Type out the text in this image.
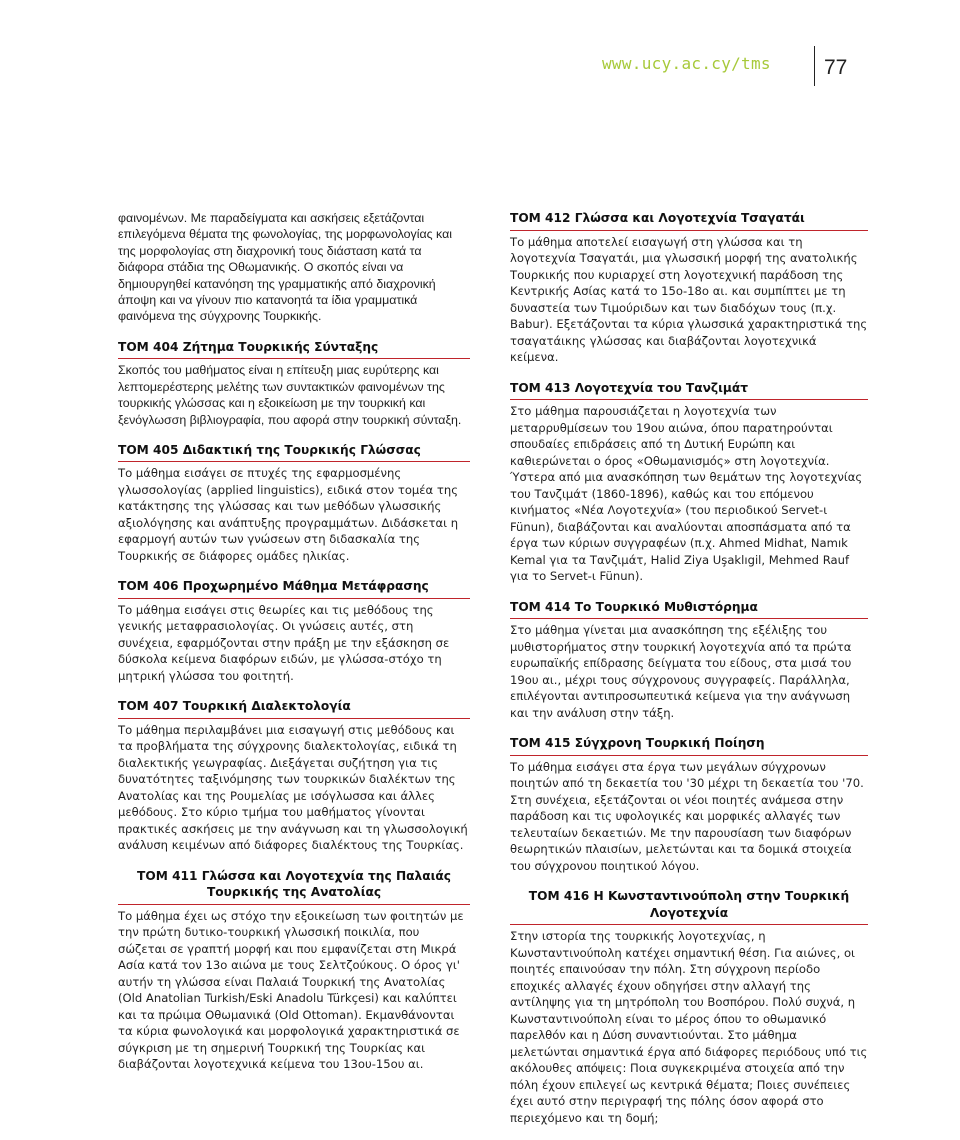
www.ucy.ac.cy/tms	77

φαινομένων. Με παραδείγματα και ασκήσεις εξετάζονται επιλεγόμενα θέματα της φωνολογίας, της μορφωνολογίας και της μορφολογίας στη διαχρονική τους διάσταση κατά τα διάφορα στάδια της Οθωμανικής. Ο σκοπός είναι να δημιουργηθεί κατανόηση της γραμματικής από διαχρονική άποψη και να γίνουν πιο κατανοητά τα ίδια γραμματικά φαινόμενα της σύγχρονης Τουρκικής.

ΤΟΜ 404 Ζήτημα Τουρκικής Σύνταξης

Σκοπός του μαθήματος είναι η επίτευξη μιας ευρύτερης και λεπτομερέστερης μελέτης των συντακτικών φαινομένων της τουρκικής γλώσσας και η εξοικείωση με την τουρκική και ξενόγλωσση βιβλιογραφία, που αφορά στην τουρκική σύνταξη.

ΤΟΜ 405 Διδακτική της Τουρκικής Γλώσσας

Το μάθημα εισάγει σε πτυχές της εφαρμοσμένης γλωσσολογίας (applied linguistics), ειδικά στον τομέα της κατάκτησης της γλώσσας και των μεθόδων γλωσσικής αξιολόγησης και ανάπτυξης προγραμμάτων. Διδάσκεται η εφαρμογή αυτών των γνώσεων στη διδασκαλία της Τουρκικής σε διάφορες ομάδες ηλικίας.

ΤΟΜ 406 Προχωρημένο Μάθημα Μετάφρασης

Το μάθημα εισάγει στις θεωρίες και τις μεθόδους της γενικής μεταφρασιολογίας. Οι γνώσεις αυτές, στη συνέχεια, εφαρμόζονται στην πράξη με την εξάσκηση σε δύσκολα κείμενα διαφόρων ειδών, με γλώσσα-στόχο τη μητρική γλώσσα του φοιτητή.

ΤΟΜ 407 Τουρκική Διαλεκτολογία

Το μάθημα περιλαμβάνει μια εισαγωγή στις μεθόδους και τα προβλήματα της σύγχρονης διαλεκτολογίας, ειδικά τη διαλεκτικής γεωγραφίας. Διεξάγεται συζήτηση για τις δυνατότητες ταξινόμησης των τουρκικών διαλέκτων της Ανατολίας και της Ρουμελίας με ισόγλωσσα και άλλες μεθόδους. Στο κύριο τμήμα του μαθήματος γίνονται πρακτικές ασκήσεις με την ανάγνωση και τη γλωσσολογική ανάλυση κειμένων από διάφορες διαλέκτους της Τουρκίας.

ΤΟΜ 411 Γλώσσα και Λογοτεχνία της Παλαιάς Τουρκικής της Ανατολίας

Το μάθημα έχει ως στόχο την εξοικείωση των φοιτητών με την πρώτη δυτικο-τουρκική γλωσσική ποικιλία, που σώζεται σε γραπτή μορφή και που εμφανίζεται στη Μικρά Ασία κατά τον 13ο αιώνα με τους Σελτζούκους. Ο όρος γι' αυτήν τη γλώσσα είναι Παλαιά Τουρκική της Ανατολίας (Old Anatolian Turkish/Eski Anadolu Türkçesi) και καλύπτει και τα πρώιμα Οθωμανικά (Old Ottoman). Εκμανθάνονται τα κύρια φωνολογικά και μορφολογικά χαρακτηριστικά σε σύγκριση με τη σημερινή Τουρκική της Τουρκίας και διαβάζονται λογοτεχνικά κείμενα του 13ου-15ου αι.

ΤΟΜ 412 Γλώσσα και Λογοτεχνία Τσαγατάι

Το μάθημα αποτελεί εισαγωγή στη γλώσσα και τη λογοτεχνία Τσαγατάι, μια γλωσσική μορφή της ανατολικής Τουρκικής που κυριαρχεί στη λογοτεχνική παράδοση της Κεντρικής Ασίας κατά το 15ο-18ο αι. και συμπίπτει με τη δυναστεία των Τιμούριδων και των διαδόχων τους (π.χ. Babur). Εξετάζονται τα κύρια γλωσσικά χαρακτηριστικά της τσαγατάικης γλώσσας και διαβάζονται λογοτεχνικά κείμενα.

ΤΟΜ 413 Λογοτεχνία του Τανζιμάτ

Στο μάθημα παρουσιάζεται η λογοτεχνία των μεταρρυθμίσεων του 19ου αιώνα, όπου παρατηρούνται σπουδαίες επιδράσεις από τη Δυτική Ευρώπη και καθιερώνεται ο όρος «Οθωμανισμός» στη λογοτεχνία. Ύστερα από μια ανασκόπηση των θεμάτων της λογοτεχνίας του Τανζιμάτ (1860-1896), καθώς και του επόμενου κινήματος «Νέα Λογοτεχνία» (του περιοδικού Servet-ι Fünun), διαβάζονται και αναλύονται αποσπάσματα από τα έργα των κύριων συγγραφέων (π.χ. Ahmed Midhat, Namık Kemal για τα Τανζιμάτ, Halid Ziya Uşaklıgil, Mehmed Rauf για το Servet-ι Fünun).

ΤΟΜ 414 Το Τουρκικό Μυθιστόρημα

Στο μάθημα γίνεται μια ανασκόπηση της εξέλιξης του μυθιστορήματος στην τουρκική λογοτεχνία από τα πρώτα ευρωπαϊκής επίδρασης δείγματα του είδους, στα μισά του 19ου αι., μέχρι τους σύγχρονους συγγραφείς. Παράλληλα, επιλέγονται αντιπροσωπευτικά κείμενα για την ανάγνωση και την ανάλυση στην τάξη.

ΤΟΜ 415 Σύγχρονη Τουρκική Ποίηση

Το μάθημα εισάγει στα έργα των μεγάλων σύγχρονων ποιητών από τη δεκαετία του '30 μέχρι τη δεκαετία του '70. Στη συνέχεια, εξετάζονται οι νέοι ποιητές ανάμεσα στην παράδοση και τις υφολογικές και μορφικές αλλαγές των τελευταίων δεκαετιών. Με την παρουσίαση των διαφόρων θεωρητικών πλαισίων, μελετώνται και τα δομικά στοιχεία του σύγχρονου ποιητικού λόγου.

ΤΟΜ 416 Η Κωνσταντινούπολη στην Τουρκική Λογοτεχνία

Στην ιστορία της τουρκικής λογοτεχνίας, η Κωνσταντινούπολη κατέχει σημαντική θέση. Για αιώνες, οι ποιητές επαινούσαν την πόλη. Στη σύγχρονη περίοδο εποχικές αλλαγές έχουν οδηγήσει στην αλλαγή της αντίληψης για τη μητρόπολη του Βοσπόρου. Πολύ συχνά, η Κωνσταντινούπολη είναι το μέρος όπου το οθωμανικό παρελθόν και η Δύση συναντιούνται. Στο μάθημα μελετώνται σημαντικά έργα από διάφορες περιόδους υπό τις ακόλουθες απόψεις: Ποια συγκεκριμένα στοιχεία από την πόλη έχουν επιλεγεί ως κεντρικά θέματα; Ποιες συνέπειες έχει αυτό στην περιγραφή της πόλης όσον αφορά στο περιεχόμενο και τη δομή;
